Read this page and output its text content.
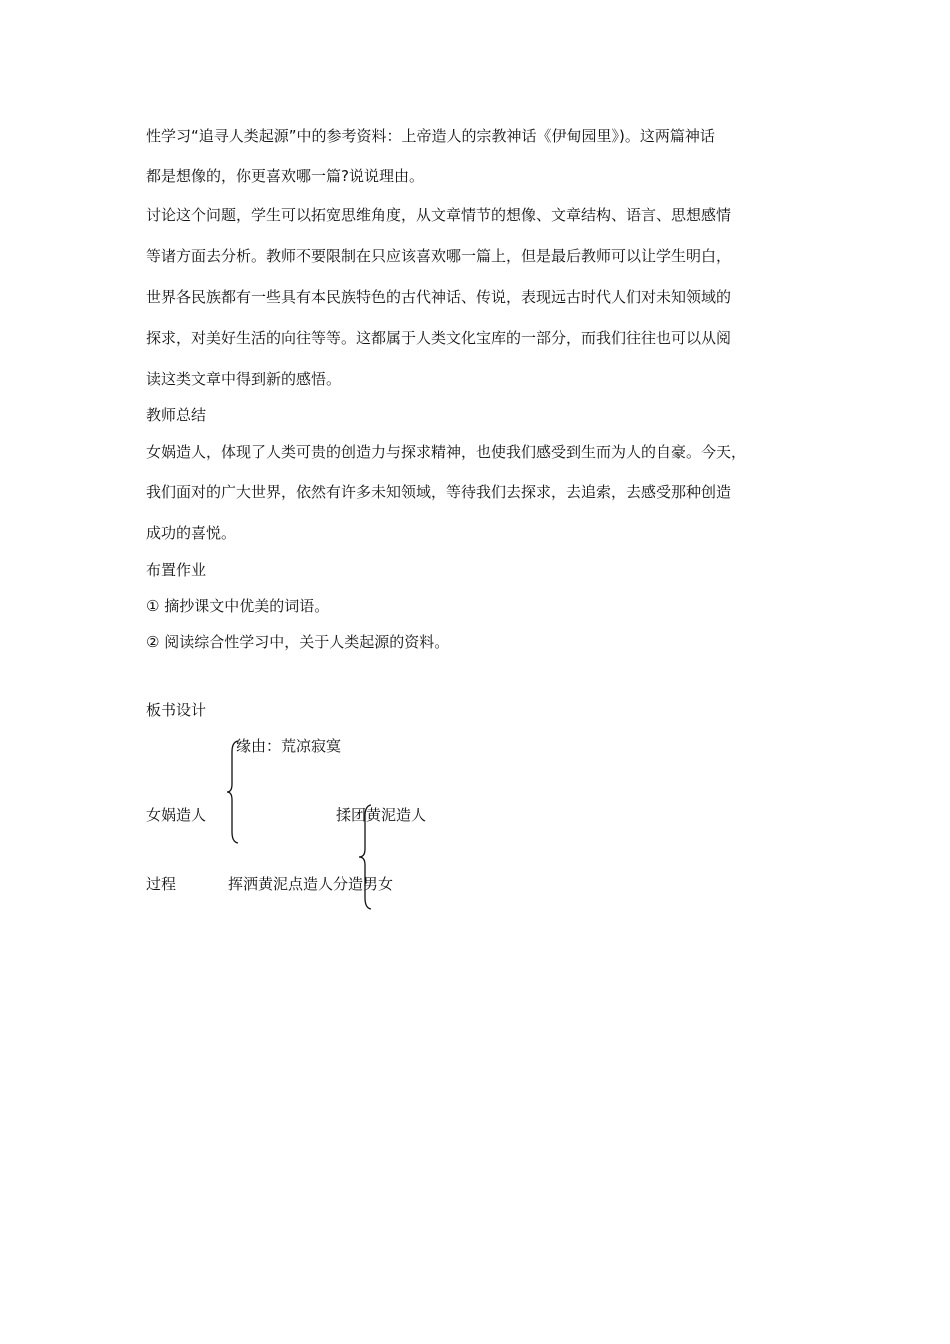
性学习“追寻人类起源”中的参考资料：上帝造人的宗教神话《伊甸园里》)。这两篇神话
都是想像的，你更喜欢哪一篇?说说理由。
讨论这个问题，学生可以拓宽思维角度，从文章情节的想像、文章结构、语言、思想感情
等诸方面去分析。教师不要限制在只应该喜欢哪一篇上，但是最后教师可以让学生明白，
世界各民族都有一些具有本民族特色的古代神话、传说，表现远古时代人们对未知领域的
探求，对美好生活的向往等等。这都属于人类文化宝库的一部分，而我们往往也可以从阅
读这类文章中得到新的感悟。
教师总结
女娲造人，体现了人类可贵的创造力与探求精神，也使我们感受到生而为人的自豪。今天，
我们面对的广大世界，依然有许多未知领域，等待我们去探求，去追索，去感受那种创造
成功的喜悦。
布置作业
① 摘抄课文中优美的词语。
② 阅读综合性学习中，关于人类起源的资料。
板书设计
缘由：荒凉寂寞
女娲造人	揉团黄泥造人
过程	挥洒黄泥点造人分造男女
